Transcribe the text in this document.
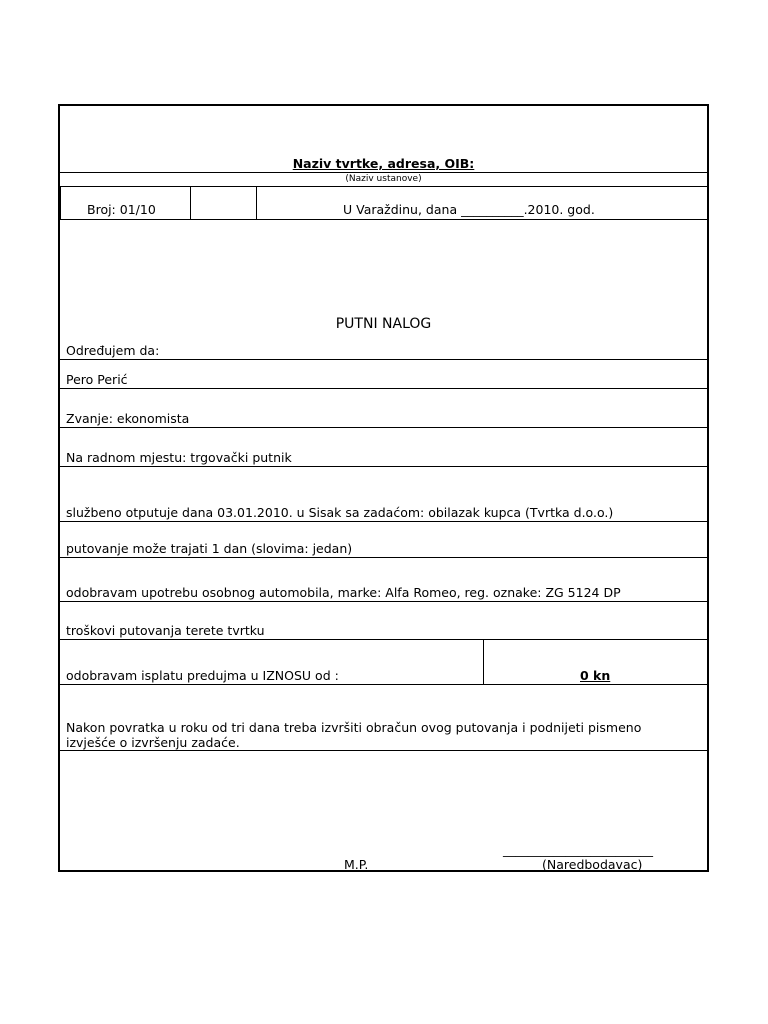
Naziv tvrtke, adresa, OIB:
(Naziv ustanove)
Broj: 01/10	U Varaždinu, dana __________.2010. god.
PUTNI NALOG
Određujem da:
Pero Perić
Zvanje: ekonomista
Na radnom mjestu: trgovački putnik
službeno otputuje dana 03.01.2010. u Sisak sa zadaćom: obilazak kupca (Tvrtka d.o.o.)
putovanje može trajati 1 dan (slovima: jedan)
odobravam upotrebu osobnog automobila, marke: Alfa Romeo, reg. oznake: ZG 5124 DP
troškovi putovanja terete tvrtku
odobravam isplatu predujma u IZNOSU od :	0 kn
Nakon povratka u roku od tri dana treba izvršiti obračun ovog putovanja i podnijeti pismeno izvješće o izvršenju zadaće.
M.P.
________________________
(Naredbodavac)
